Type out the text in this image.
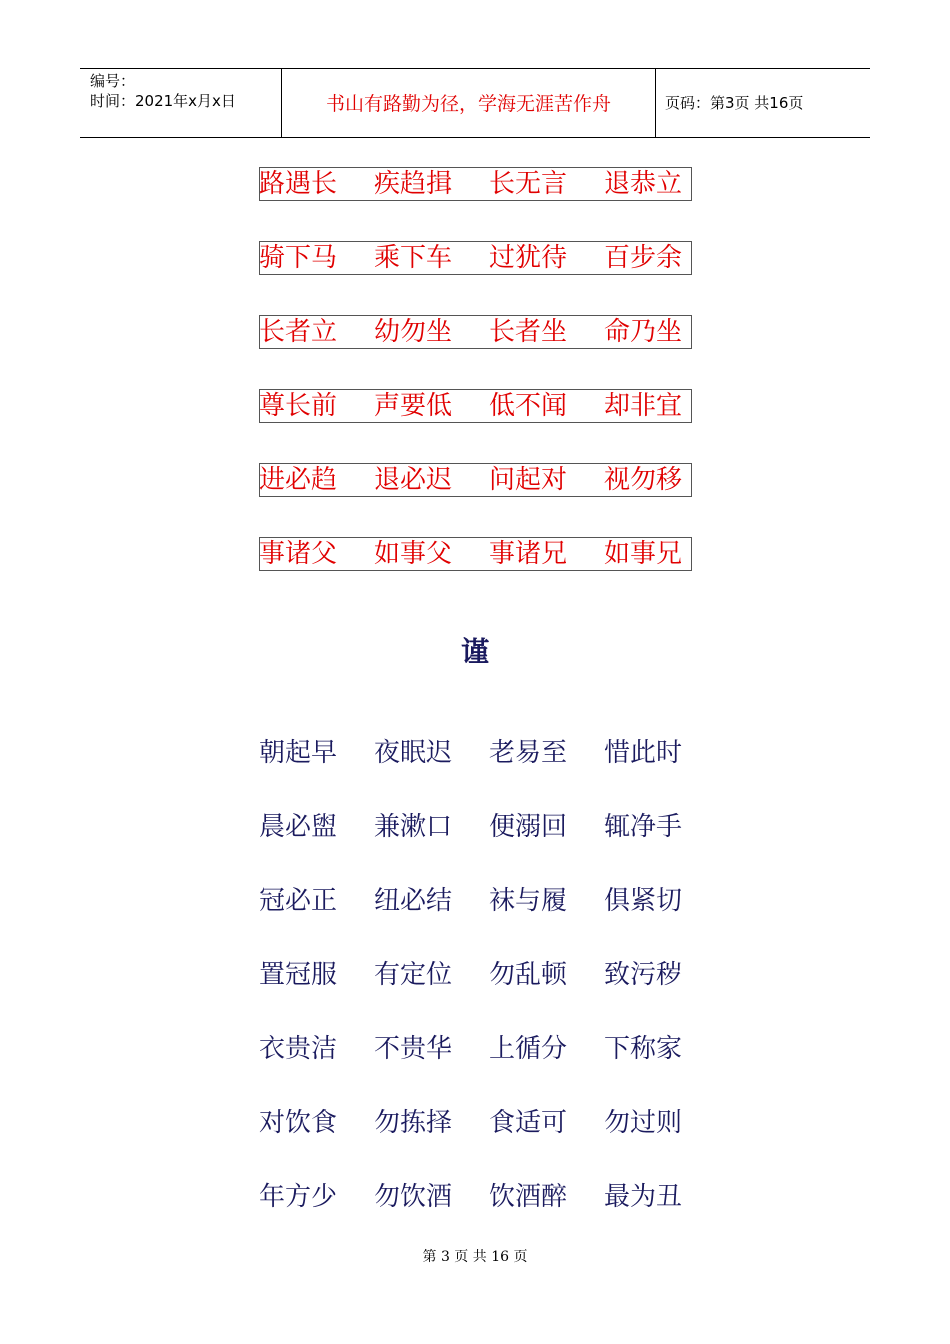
编号：
时间：2021年x月x日	书山有路勤为径，学海无涯苦作舟	页码：第3页 共16页
路遇长 疾趋揖 长无言 退恭立
骑下马 乘下车 过犹待 百步余
长者立 幼勿坐 长者坐 命乃坐
尊长前 声要低 低不闻 却非宜
进必趋 退必迟 问起对 视勿移
事诸父 如事父 事诸兄 如事兄
谨
朝起早 夜眠迟 老易至 惜此时
晨必盥 兼漱口 便溺回 辄净手
冠必正 纽必结 袜与履 俱紧切
置冠服 有定位 勿乱顿 致污秽
衣贵洁 不贵华 上循分 下称家
对饮食 勿拣择 食适可 勿过则
年方少 勿饮酒 饮酒醉 最为丑
第 3 页 共 16 页
